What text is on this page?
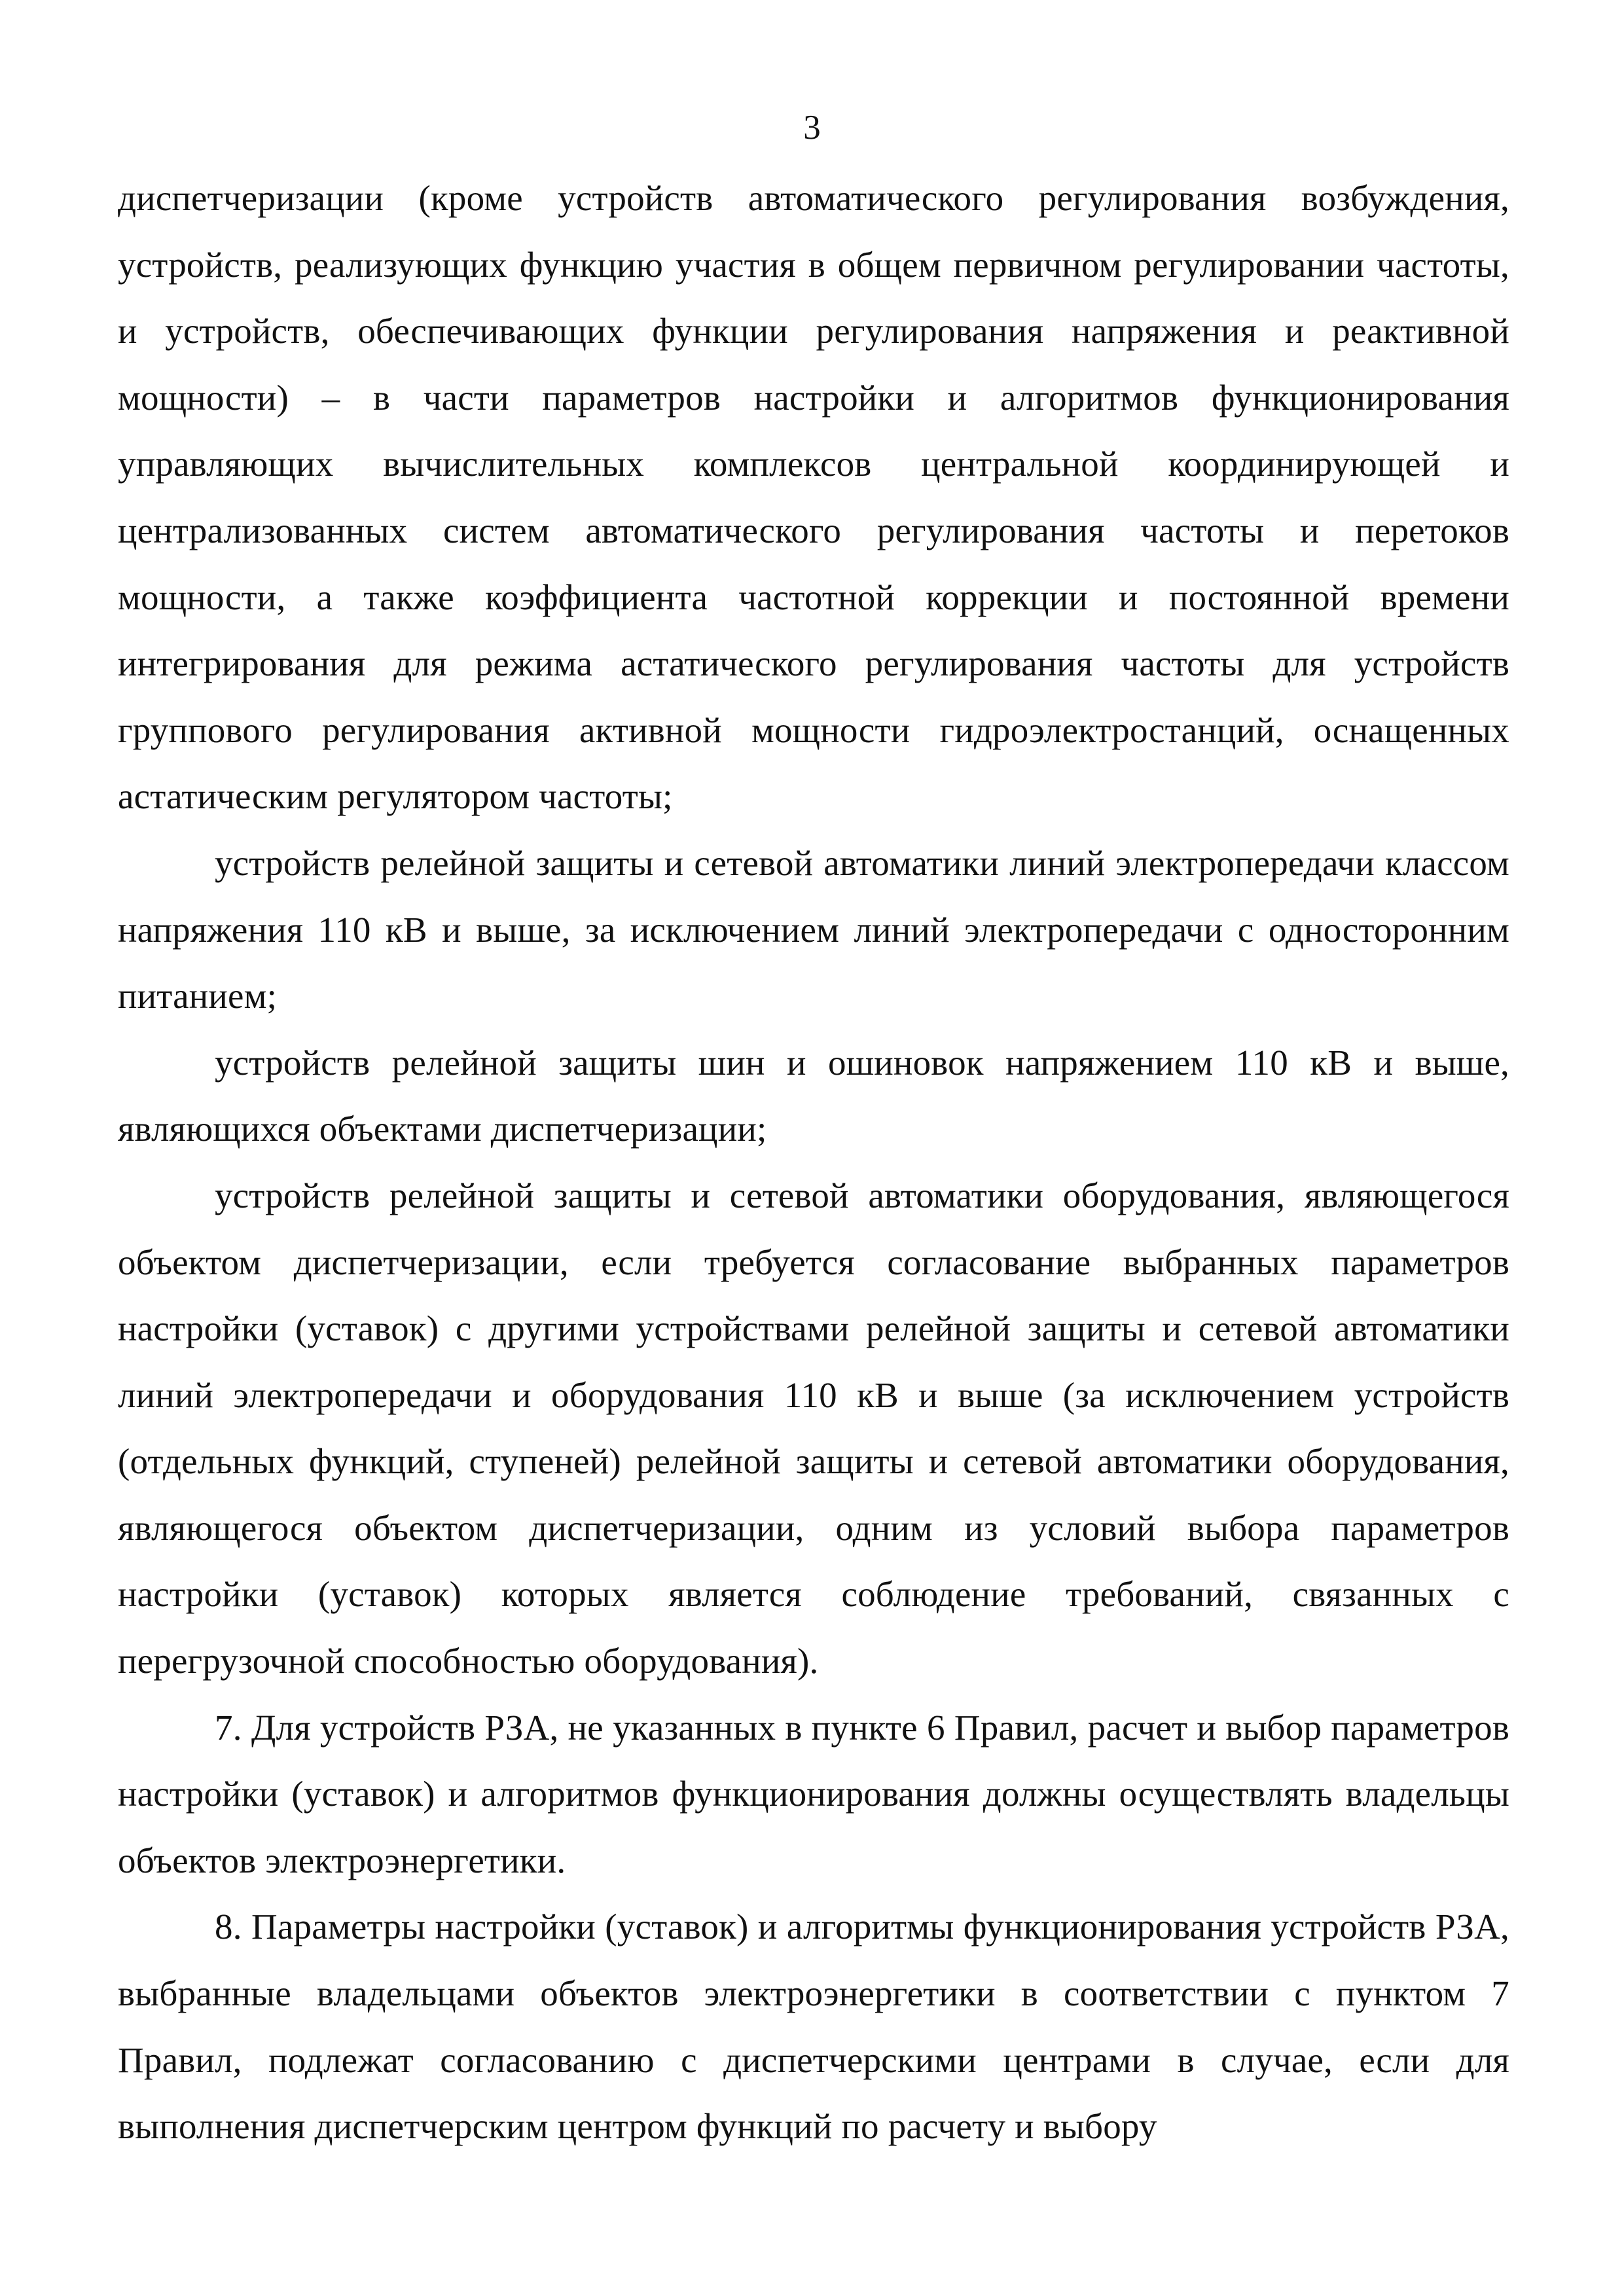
3

диспетчеризации (кроме устройств автоматического регулирования возбуждения, устройств, реализующих функцию участия в общем первичном регулировании частоты, и устройств, обеспечивающих функции регулирования напряжения и реактивной мощности) – в части параметров настройки и алгоритмов функционирования управляющих вычислительных комплексов центральной координирующей и централизованных систем автоматического регулирования частоты и перетоков мощности, а также коэффициента частотной коррекции и постоянной времени интегрирования для режима астатического регулирования частоты для устройств группового регулирования активной мощности гидроэлектростанций, оснащенных астатическим регулятором частоты;

устройств релейной защиты и сетевой автоматики линий электропередачи классом напряжения 110 кВ и выше, за исключением линий электропередачи с односторонним питанием;

устройств релейной защиты шин и ошиновок напряжением 110 кВ и выше, являющихся объектами диспетчеризации;

устройств релейной защиты и сетевой автоматики оборудования, являющегося объектом диспетчеризации, если требуется согласование выбранных параметров настройки (уставок) с другими устройствами релейной защиты и сетевой автоматики линий электропередачи и оборудования 110 кВ и выше (за исключением устройств (отдельных функций, ступеней) релейной защиты и сетевой автоматики оборудования, являющегося объектом диспетчеризации, одним из условий выбора параметров настройки (уставок) которых является соблюдение требований, связанных с перегрузочной способностью оборудования).

7. Для устройств РЗА, не указанных в пункте 6 Правил, расчет и выбор параметров настройки (уставок) и алгоритмов функционирования должны осуществлять владельцы объектов электроэнергетики.

8. Параметры настройки (уставок) и алгоритмы функционирования устройств РЗА, выбранные владельцами объектов электроэнергетики в соответствии с пунктом 7 Правил, подлежат согласованию с диспетчерскими центрами в случае, если для выполнения диспетчерским центром функций по расчету и выбору
